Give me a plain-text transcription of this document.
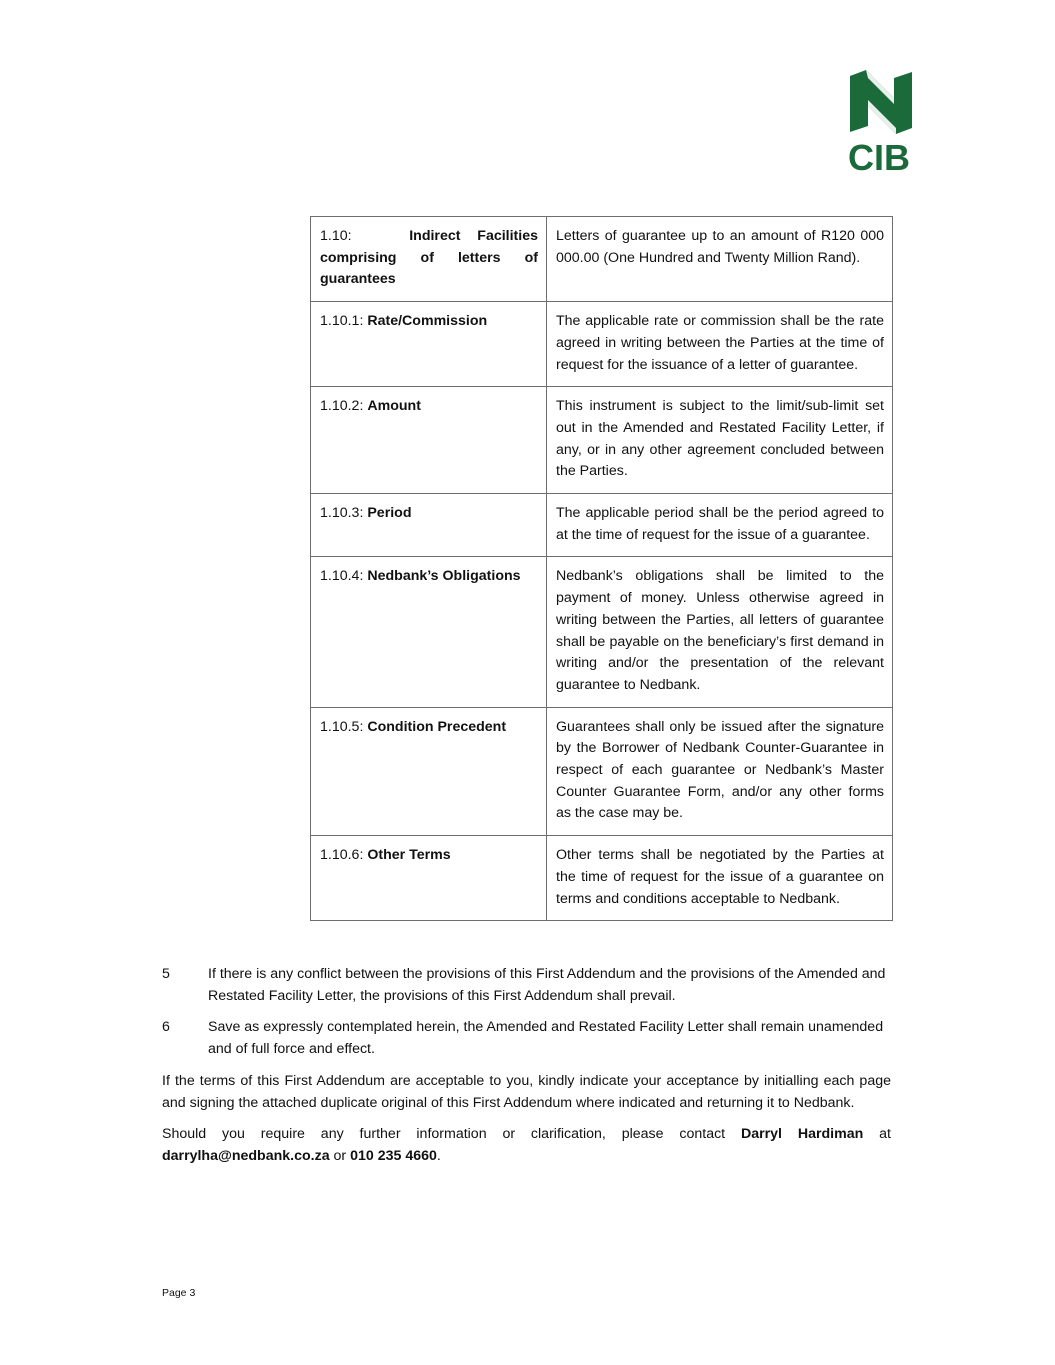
CIB
1.10: Indirect Facilities comprising of letters of guarantees	Letters of guarantee up to an amount of R120 000 000.00 (One Hundred and Twenty Million Rand).
1.10.1: Rate/Commission	The applicable rate or commission shall be the rate agreed in writing between the Parties at the time of request for the issuance of a letter of guarantee.
1.10.2: Amount	This instrument is subject to the limit/sub-limit set out in the Amended and Restated Facility Letter, if any, or in any other agreement concluded between the Parties.
1.10.3: Period	The applicable period shall be the period agreed to at the time of request for the issue of a guarantee.
1.10.4: Nedbank’s Obligations	Nedbank’s obligations shall be limited to the payment of money. Unless otherwise agreed in writing between the Parties, all letters of guarantee shall be payable on the beneficiary’s first demand in writing and/or the presentation of the relevant guarantee to Nedbank.
1.10.5: Condition Precedent	Guarantees shall only be issued after the signature by the Borrower of Nedbank Counter-Guarantee in respect of each guarantee or Nedbank’s Master Counter Guarantee Form, and/or any other forms as the case may be.
1.10.6: Other Terms	Other terms shall be negotiated by the Parties at the time of request for the issue of a guarantee on terms and conditions acceptable to Nedbank.
5	If there is any conflict between the provisions of this First Addendum and the provisions of the Amended and Restated Facility Letter, the provisions of this First Addendum shall prevail.
6	Save as expressly contemplated herein, the Amended and Restated Facility Letter shall remain unamended and of full force and effect.
If the terms of this First Addendum are acceptable to you, kindly indicate your acceptance by initialling each page and signing the attached duplicate original of this First Addendum where indicated and returning it to Nedbank.
Should you require any further information or clarification, please contact Darryl Hardiman at darrylha@nedbank.co.za or 010 235 4660.
Page 3
